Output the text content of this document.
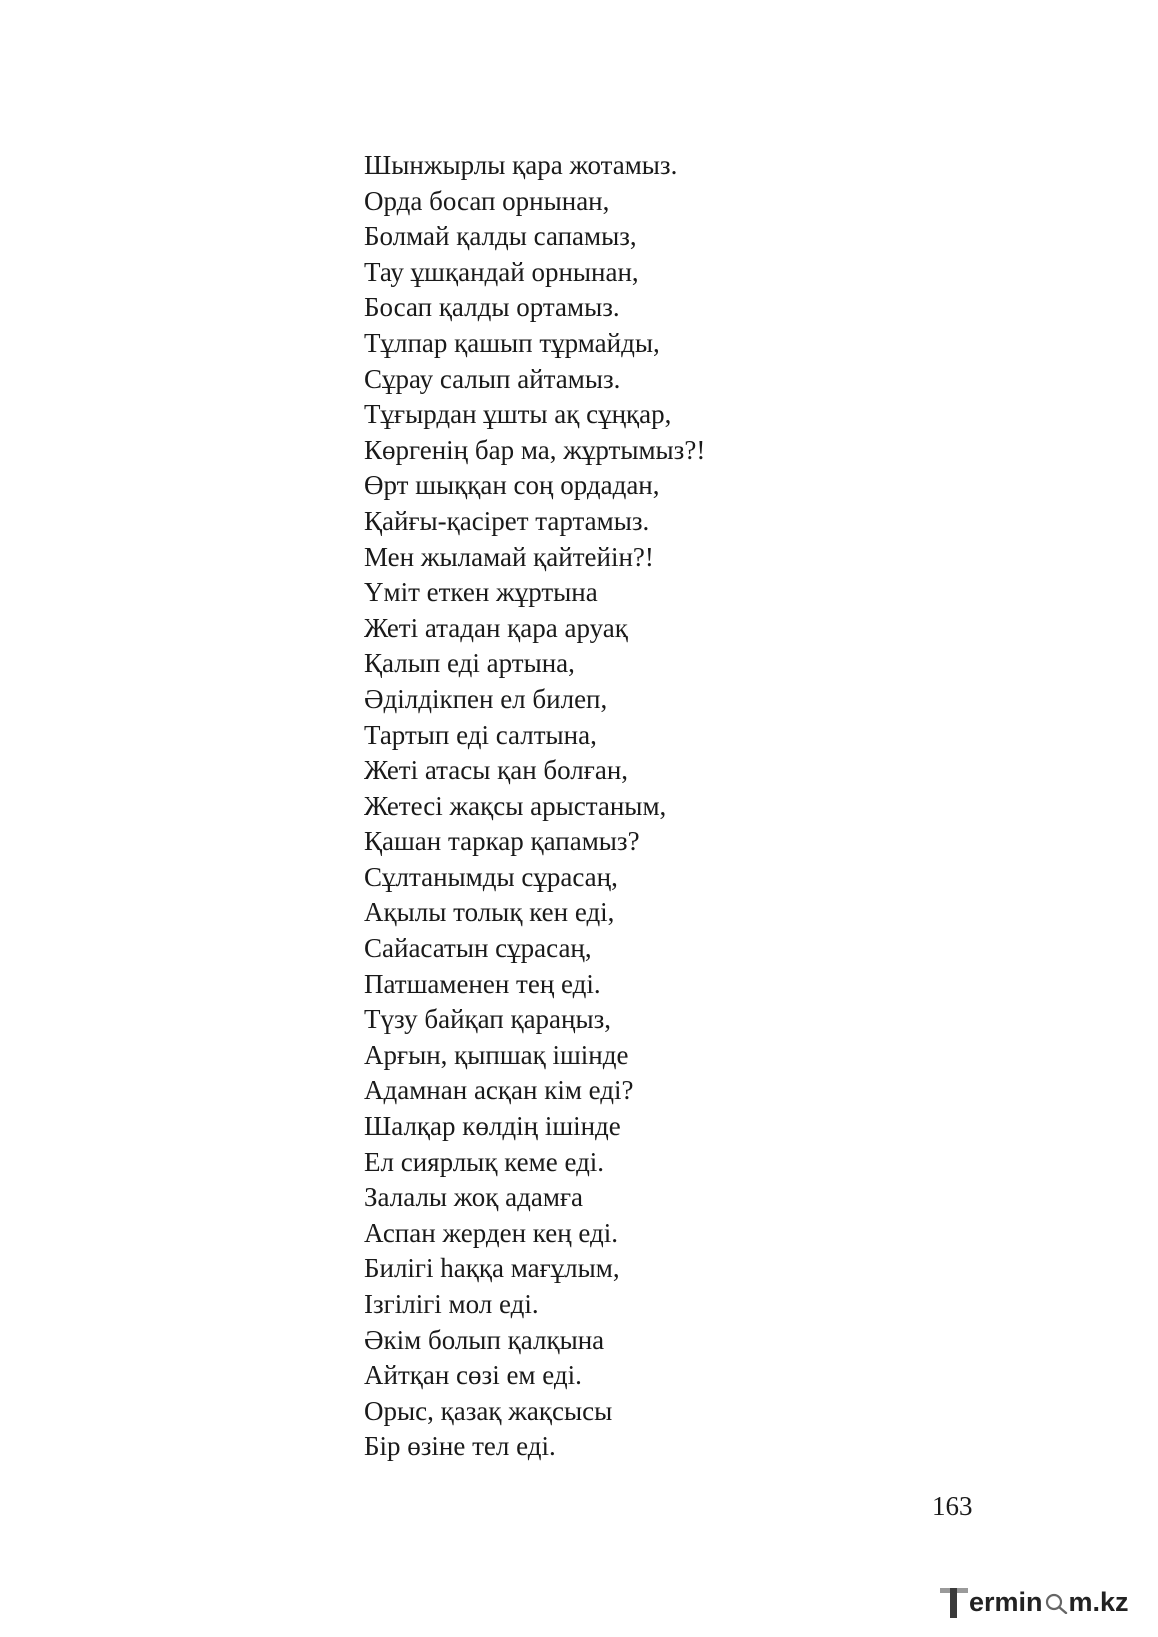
Шынжырлы қара жотамыз.
Орда босап орнынан,
Болмай қалды сапамыз,
Тау ұшқандай орнынан,
Босап қалды ортамыз.
Тұлпар қашып тұрмайды,
Сұрау салып айтамыз.
Тұғырдан ұшты ақ сұңқар,
Көргенің бар ма, жұртымыз?!
Өрт шыққан соң ордадан,
Қайғы-қасірет тартамыз.
Мен жыламай қайтейін?!
Үміт еткен жұртына
Жеті атадан қара аруақ
Қалып еді артына,
Әділдікпен ел билеп,
Тартып еді салтына,
Жеті атасы қан болған,
Жетесі жақсы арыстаным,
Қашан таркар қапамыз?
Сұлтанымды сұрасаң,
Ақылы толық кен еді,
Сайасатын сұрасаң,
Патшаменен тең еді.
Түзу байқап қараңыз,
Арғын, қыпшақ ішінде
Адамнан асқан кім еді?
Шалқар көлдің ішінде
Ел сиярлық кеме еді.
Залалы жоқ адамға
Аспан жерден кең еді.
Билігі һаққа мағұлым,
Ізгілігі мол еді.
Әкім болып қалқына
Айтқан сөзі ем еді.
Орыс, қазақ жақсысы
Бір өзіне тел еді.
163
ermin m.kz
